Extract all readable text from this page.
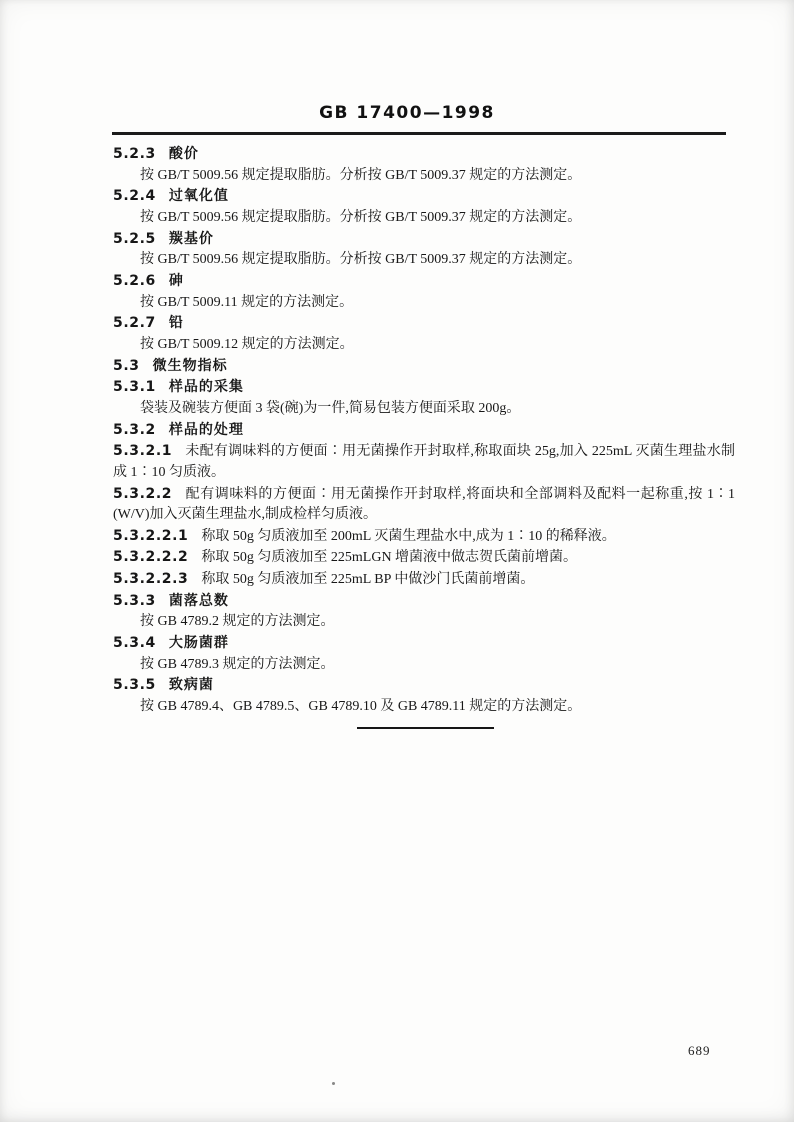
GB 17400—1998
5.2.3 酸价
按 GB/T 5009.56 规定提取脂肪。分析按 GB/T 5009.37 规定的方法测定。
5.2.4 过氧化值
按 GB/T 5009.56 规定提取脂肪。分析按 GB/T 5009.37 规定的方法测定。
5.2.5 羰基价
按 GB/T 5009.56 规定提取脂肪。分析按 GB/T 5009.37 规定的方法测定。
5.2.6 砷
按 GB/T 5009.11 规定的方法测定。
5.2.7 铅
按 GB/T 5009.12 规定的方法测定。
5.3 微生物指标
5.3.1 样品的采集
袋装及碗装方便面 3 袋(碗)为一件,简易包装方便面采取 200g。
5.3.2 样品的处理
5.3.2.1 未配有调味料的方便面∶用无菌操作开封取样,称取面块 25g,加入 225mL 灭菌生理盐水制成 1∶10 匀质液。
5.3.2.2 配有调味料的方便面∶用无菌操作开封取样,将面块和全部调料及配料一起称重,按 1∶1 (W/V)加入灭菌生理盐水,制成检样匀质液。
5.3.2.2.1 称取 50g 匀质液加至 200mL 灭菌生理盐水中,成为 1∶10 的稀释液。
5.3.2.2.2 称取 50g 匀质液加至 225mLGN 增菌液中做志贺氏菌前增菌。
5.3.2.2.3 称取 50g 匀质液加至 225mL BP 中做沙门氏菌前增菌。
5.3.3 菌落总数
按 GB 4789.2 规定的方法测定。
5.3.4 大肠菌群
按 GB 4789.3 规定的方法测定。
5.3.5 致病菌
按 GB 4789.4、GB 4789.5、GB 4789.10 及 GB 4789.11 规定的方法测定。
689
